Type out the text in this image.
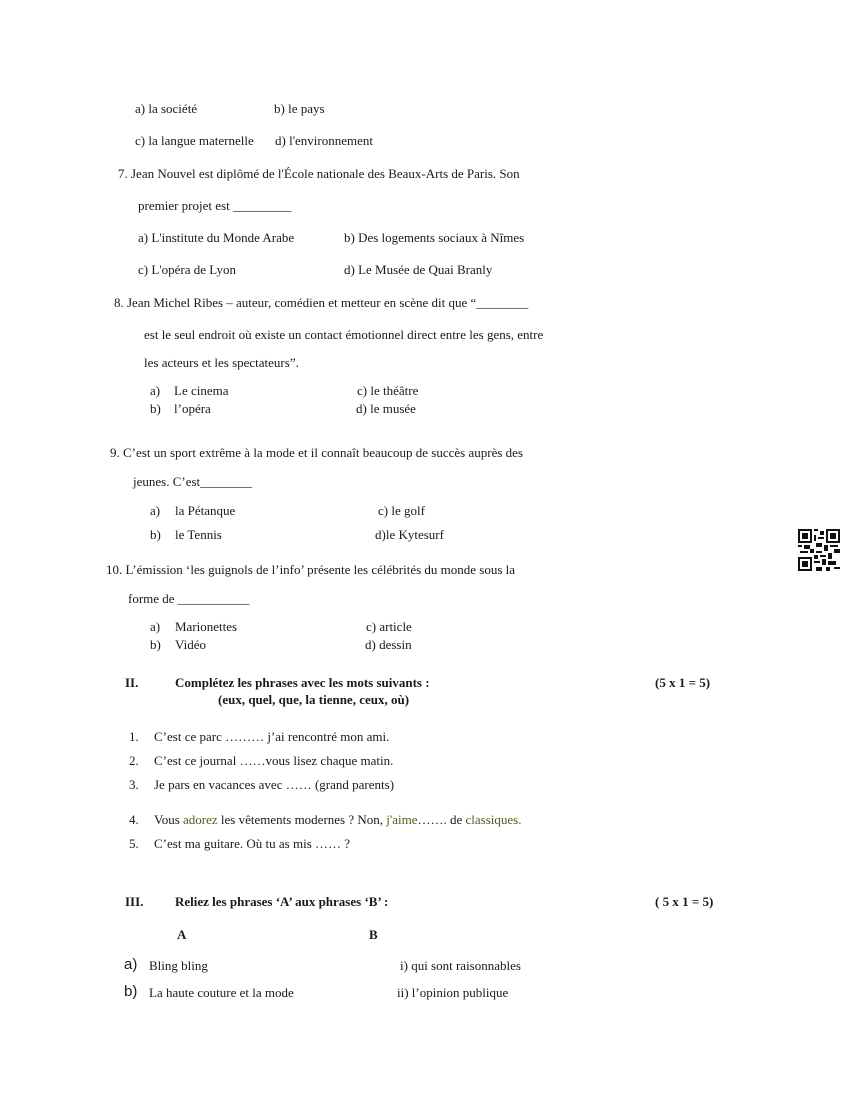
a) la société	b) le pays
c) la langue maternelle d) l'environnement
7. Jean Nouvel est diplômé de l'École nationale des Beaux-Arts de Paris. Son
premier projet est _________
a) L'institute du Monde Arabe	b) Des logements sociaux à Nîmes
c) L'opéra de Lyon	d) Le Musée de Quai Branly
8. Jean Michel Ribes – auteur, comédien et metteur en scène dit que “________
est le seul endroit où existe un contact émotionnel direct entre les gens, entre
les acteurs et les spectateurs”.
a) Le cinema	c) le théâtre
b) l’opéra	d) le musée
9. C’est un sport extrême à la mode et il connaît beaucoup de succès auprès des
jeunes. C’est________
a) la Pétanque	c) le golf
b) le Tennis	d)le Kytesurf
10. L’émission ‘les guignols de l’info’ présente les célébrités du monde sous la
forme de ___________
a) Marionettes	c) article
b) Vidéo	d) dessin
II.	Complétez les phrases avec les mots suivants :	(5 x 1 = 5)
(eux, quel, que, la tienne, ceux, où)
1. C’est ce parc ……… j’ai rencontré mon ami.
2. C’est ce journal ……vous lisez chaque matin.
3. Je pars en vacances avec …… (grand parents)
4. Vous adorez les vêtements modernes ? Non, j'aime……. de classiques.
5. C’est ma guitare. Où tu as mis …… ?
III. Reliez les phrases ‘A’ aux phrases ‘B’ :	( 5 x 1 = 5)
A	B
a) Bling bling	i) qui sont raisonnables
b) La haute couture et la mode	ii) l’opinion publique
